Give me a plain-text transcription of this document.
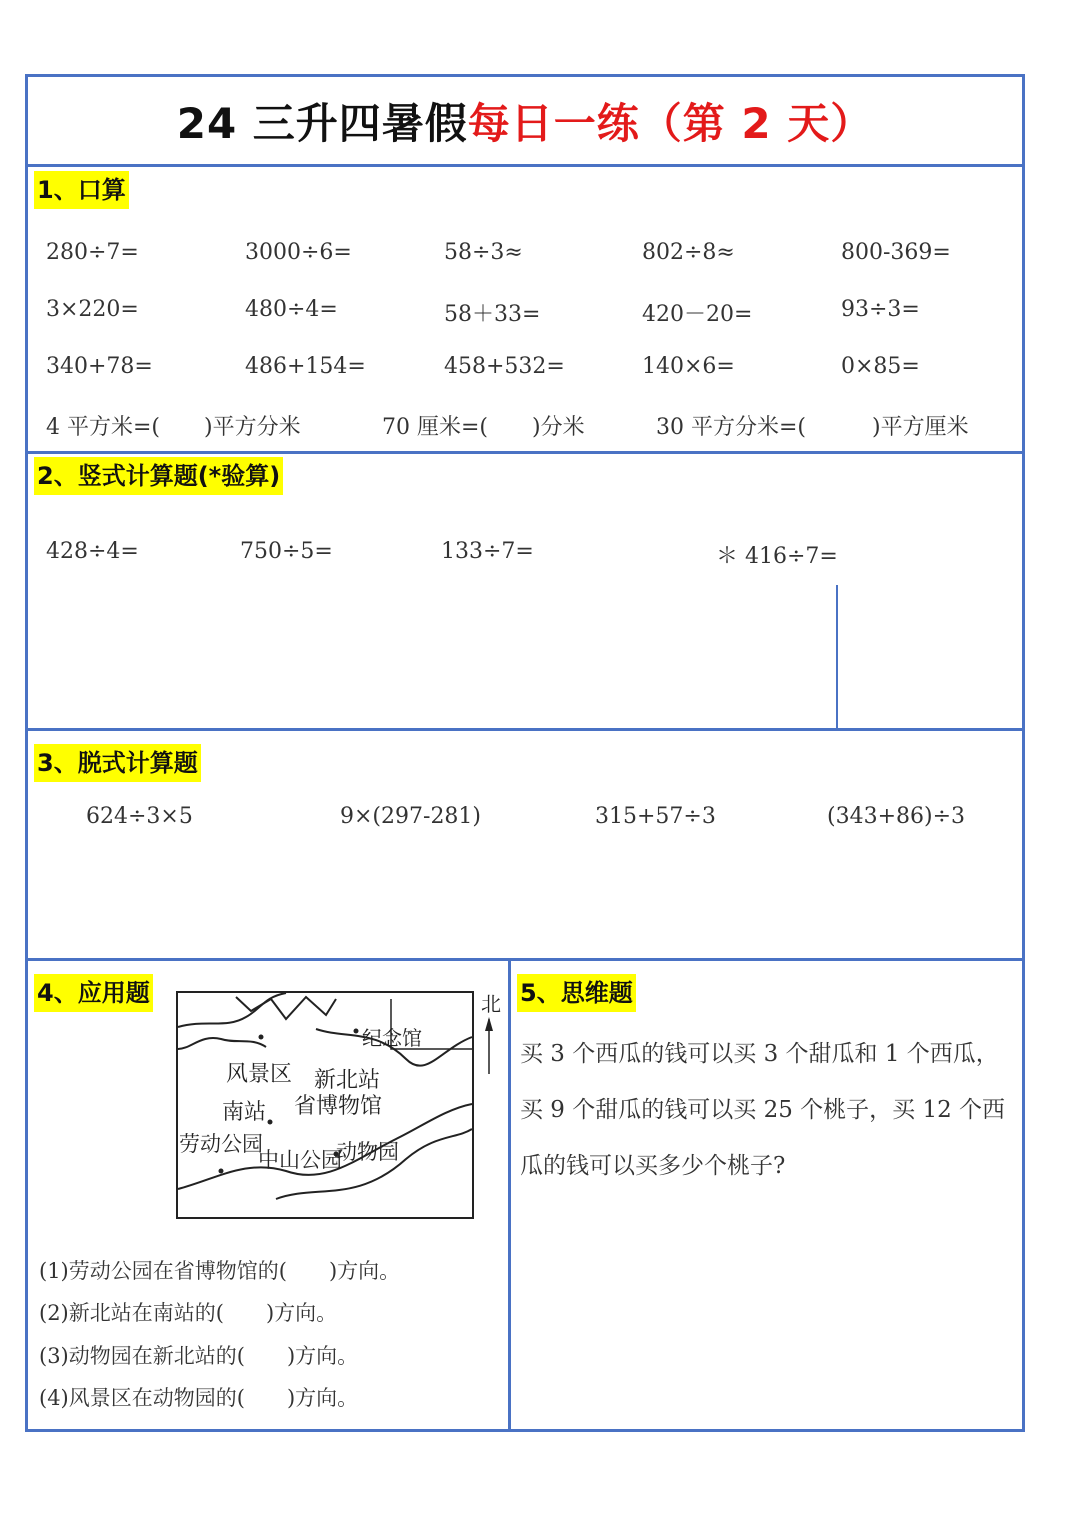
24 三升四暑假 每日一练（第 2 天）
1、口算
280÷7=	3000÷6=	58÷3≈	802÷8≈	800-369=
3×220=	480÷4=	58＋33=	420－20=	93÷3=
340+78=	486+154=	458+532=	140×6=	0×85=
4 平方米=(  )平方分米	70 厘米=(  )分米	30 平方分米=(   )平方厘米
2、竖式计算题(*验算)
428÷4=	750÷5=	133÷7=	＊ 416÷7=
3、脱式计算题
624÷3×5	9×(297-281)	315+57÷3	(343+86)÷3
4、应用题
纪念馆
风景区 新北站
南站 省博物馆
劳动公园
中山公园
动物园
北
(1)劳动公园在省博物馆的(  )方向。
(2)新北站在南站的(  )方向。
(3)动物园在新北站的(  )方向。
(4)风景区在动物园的(  )方向。
5、思维题
买 3 个西瓜的钱可以买 3 个甜瓜和 1 个西瓜，
买 9 个甜瓜的钱可以买 25 个桃子，买 12 个西
瓜的钱可以买多少个桃子?
